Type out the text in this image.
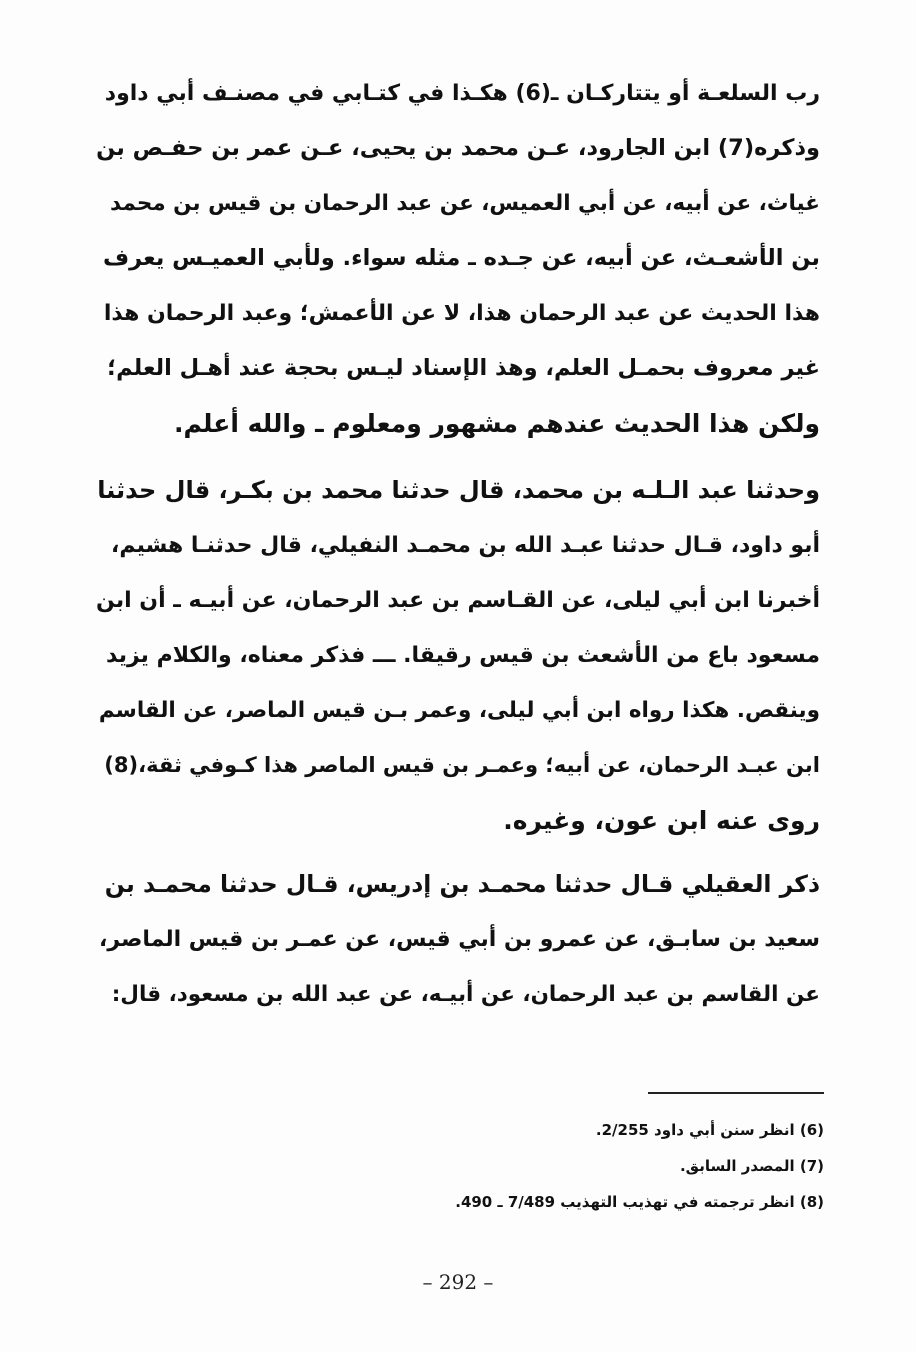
رب السلعـة أو يتتاركـان ـ(6) هكـذا في كتـابي في مصنـف أبي داود
وذكره(7) ابن الجارود، عـن محمد بن يحيى، عـن عمر بن حفـص بن
غياث، عن أبيه، عن أبي العميس، عن عبد الرحمان بن قيس بن محمد
بن الأشعـث، عن أبيه، عن جـده ـ مثله سواء. ولأبي العميـس يعرف
هذا الحديث عن عبد الرحمان هذا، لا عن الأعمش؛ وعبد الرحمان هذا
غير معروف بحمـل العلم، وهذ الإسناد ليـس بحجة عند أهـل العلم؛
ولكن هذا الحديث عندهم مشهور ومعلوم ـ والله أعلم.
وحدثنا عبد الـلـه بن محمد، قال حدثنا محمد بن بكـر، قال حدثنا
أبو داود، قـال حدثنا عبـد الله بن محمـد النفيلي، قال حدثنـا هشيم،
أخبرنا ابن أبي ليلى، عن القـاسم بن عبد الرحمان، عن أبيـه ـ أن ابن
مسعود باع من الأشعث بن قيس رقيقا. ـــ فذكر معناه، والكلام يزيد
وينقص. هكذا رواه ابن أبي ليلى، وعمر بـن قيس الماصر، عن القاسم
ابن عبـد الرحمان، عن أبيه؛ وعمـر بن قيس الماصر هذا كـوفي ثقة،(8)
روى عنه ابن عون، وغيره.
ذكر العقيلي قـال حدثنا محمـد بن إدريس، قـال حدثنا محمـد بن
سعيد بن سابـق، عن عمرو بن أبي قيس، عن عمـر بن قيس الماصر،
عن القاسم بن عبد الرحمان، عن أبيـه، عن عبد الله بن مسعود، قال:
(6) انظر سنن أبي داود 2/255.
(7) المصدر السابق.
(8) انظر ترجمته في تهذيب التهذيب 7/489 ـ 490.
– 292 –
